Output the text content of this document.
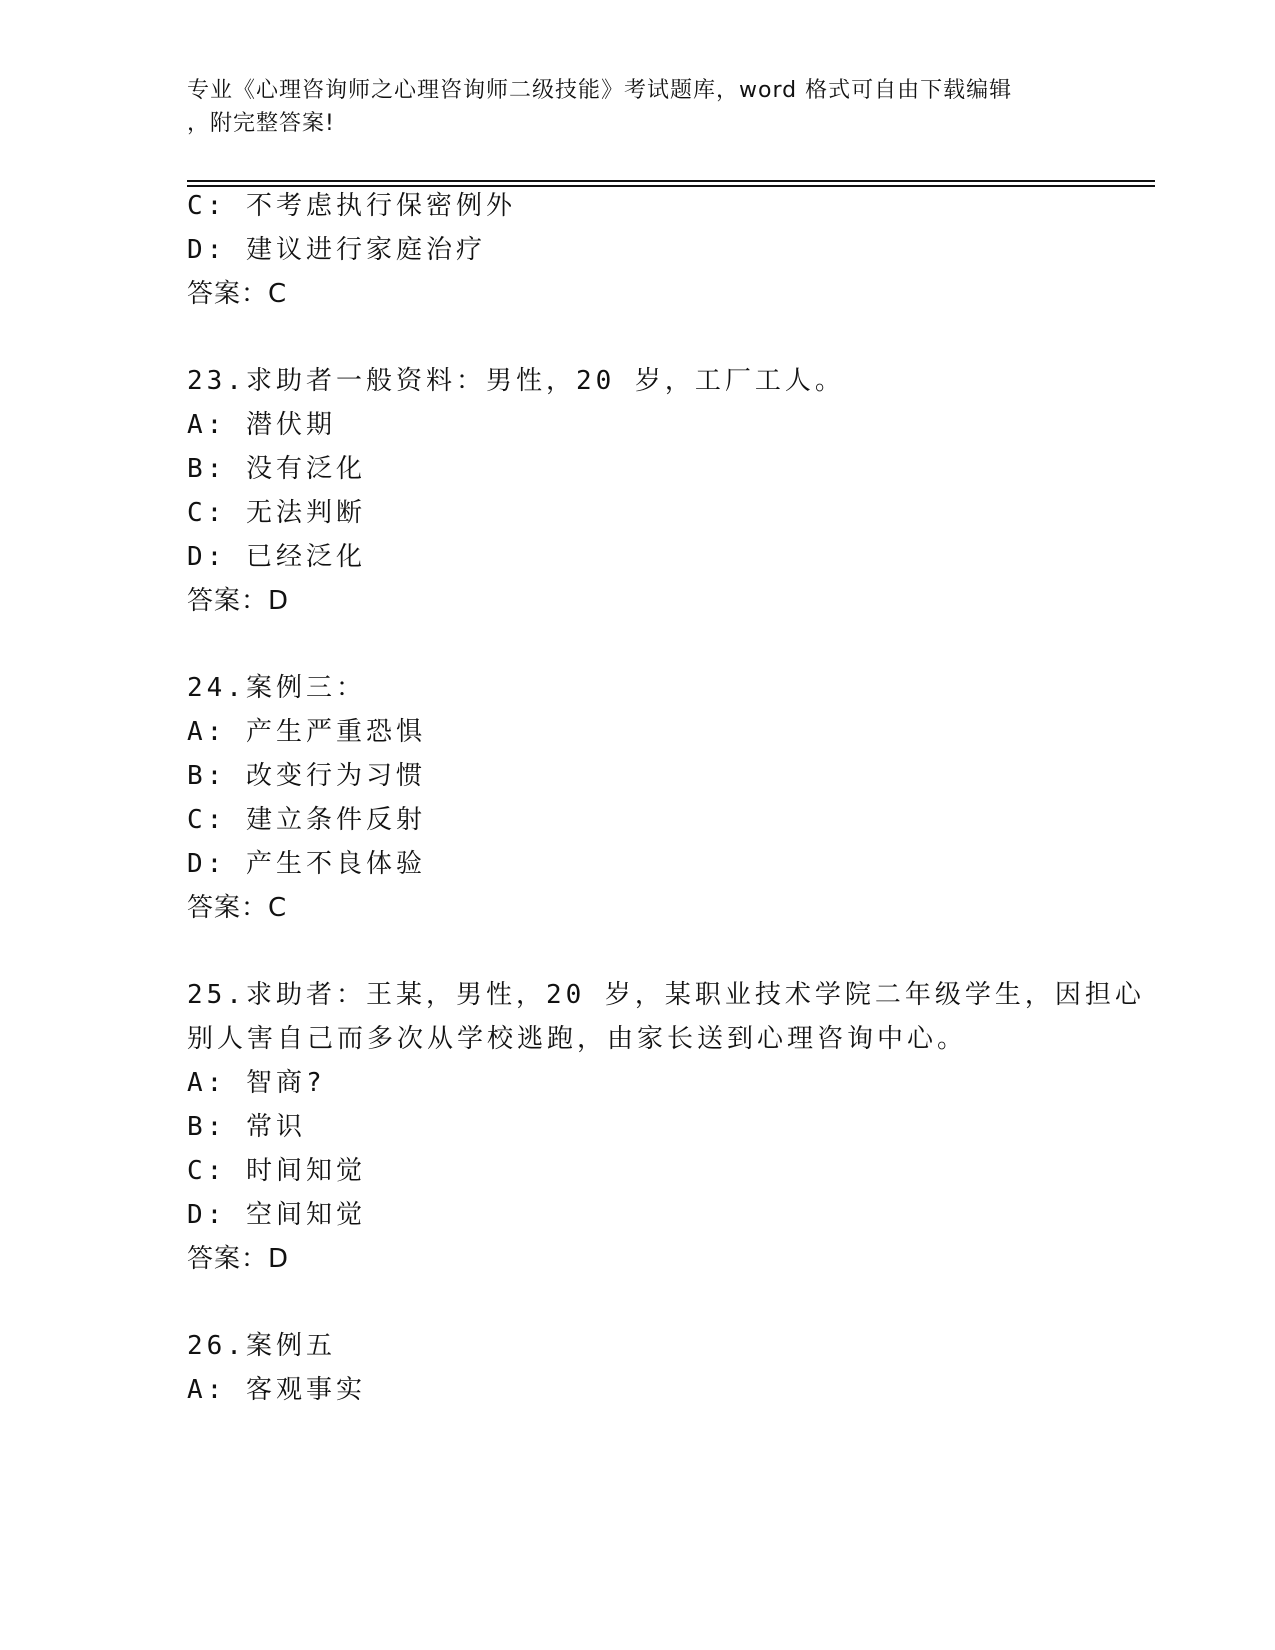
专业《心理咨询师之心理咨询师二级技能》考试题库，word 格式可自由下载编辑
，附完整答案!
C: 不考虑执行保密例外
D: 建议进行家庭治疗
答案：C
23.求助者一般资料：男性，20 岁，工厂工人。
A: 潜伏期
B: 没有泛化
C: 无法判断
D: 已经泛化
答案：D
24.案例三：
A: 产生严重恐惧
B: 改变行为习惯
C: 建立条件反射
D: 产生不良体验
答案：C
25.求助者：王某，男性，20 岁，某职业技术学院二年级学生，因担心
别人害自己而多次从学校逃跑，由家长送到心理咨询中心。
A: 智商?
B: 常识
C: 时间知觉
D: 空间知觉
答案：D
26.案例五
A: 客观事实
